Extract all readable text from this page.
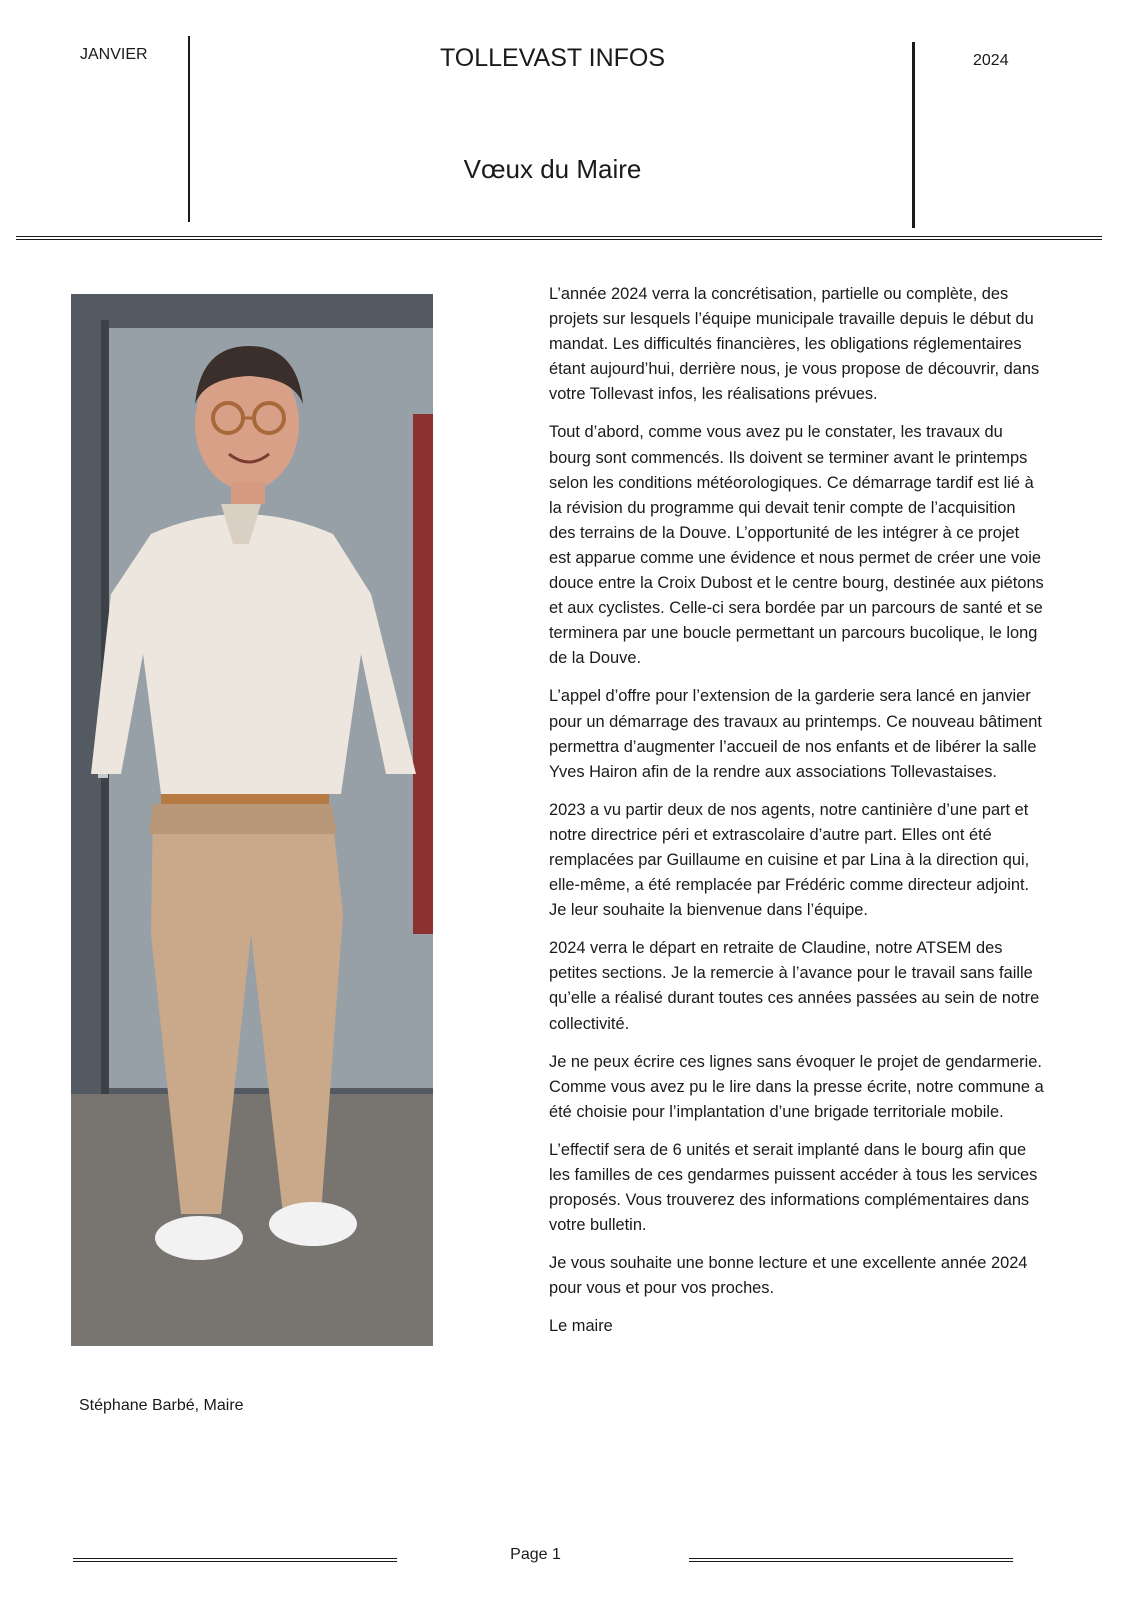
JANVIER	TOLLEVAST INFOS
Vœux du Maire
2024
Stéphane Barbé, Maire

L’année 2024 verra la concrétisation, partielle ou complète, des projets sur lesquels l’équipe municipale travaille depuis le début du mandat. Les difficultés financières, les obligations réglementaires étant aujourd’hui, derrière nous, je vous propose de découvrir, dans votre Tollevast infos, les réalisations prévues.

Tout d’abord, comme vous avez pu le constater, les travaux du bourg sont commencés. Ils doivent se terminer avant le printemps selon les conditions météorologiques. Ce démarrage tardif est lié à la révision du programme qui devait tenir compte de l’acquisition des terrains de la Douve. L’opportunité de les intégrer à ce projet est apparue comme une évidence et nous permet de créer une voie douce entre la Croix Dubost et le centre bourg, destinée aux piétons et aux cyclistes. Celle-ci sera bordée par un parcours de santé et se terminera par une boucle permettant un parcours bucolique, le long de la Douve.

L’appel d’offre pour l’extension de la garderie sera lancé en janvier pour un démarrage des travaux au printemps. Ce nouveau bâtiment permettra d’augmenter l’accueil de nos enfants et de libérer la salle Yves Hairon afin de la rendre aux associations Tollevastaises.

2023 a vu partir deux de nos agents, notre cantinière d’une part et notre directrice péri et extrascolaire d’autre part. Elles ont été remplacées par Guillaume en cuisine et par Lina à la direction qui, elle-même, a été remplacée par Frédéric comme directeur adjoint. Je leur souhaite la bienvenue dans l’équipe.

2024 verra le départ en retraite de Claudine, notre ATSEM des petites sections. Je la remercie à l’avance pour le travail sans faille qu’elle a réalisé durant toutes ces années passées au sein de notre collectivité.

Je ne peux écrire ces lignes sans évoquer le projet de gendarmerie. Comme vous avez pu le lire dans la presse écrite, notre commune a été choisie pour l’implantation d’une brigade territoriale mobile.

L’effectif sera de 6 unités et serait implanté dans le bourg afin que les familles de ces gendarmes puissent accéder à tous les services proposés. Vous trouverez des informations complémentaires dans votre bulletin.

Je vous souhaite une bonne lecture et une excellente année 2024 pour vous et pour vos proches.

Le maire

Page 1
